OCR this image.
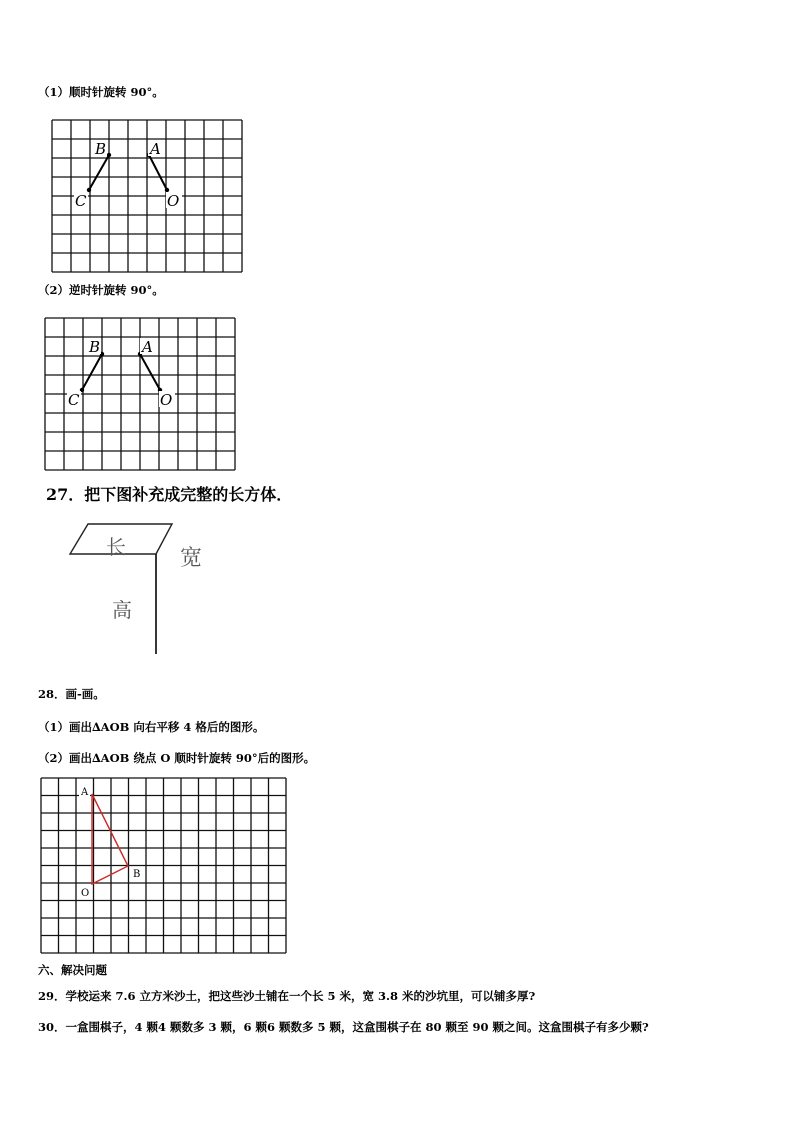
（1）顺时针旋转 90°。
B	A
C	O
（2）逆时针旋转 90°。
B	A
C	O
27．把下图补充成完整的长方体．
长 宽
高
28．画-画。
（1）画出∆AOB 向右平移 4 格后的图形。
（2）画出∆AOB 绕点 O 顺时针旋转 90°后的图形。
A
B
O
六、解决问题
29．学校运来 7.6 立方米沙土，把这些沙土铺在一个长 5 米，宽 3.8 米的沙坑里，可以铺多厚?
30．一盒围棋子，4 颗4 颗数多 3 颗，6 颗6 颗数多 5 颗，这盒围棋子在 80 颗至 90 颗之间。这盒围棋子有多少颗?
